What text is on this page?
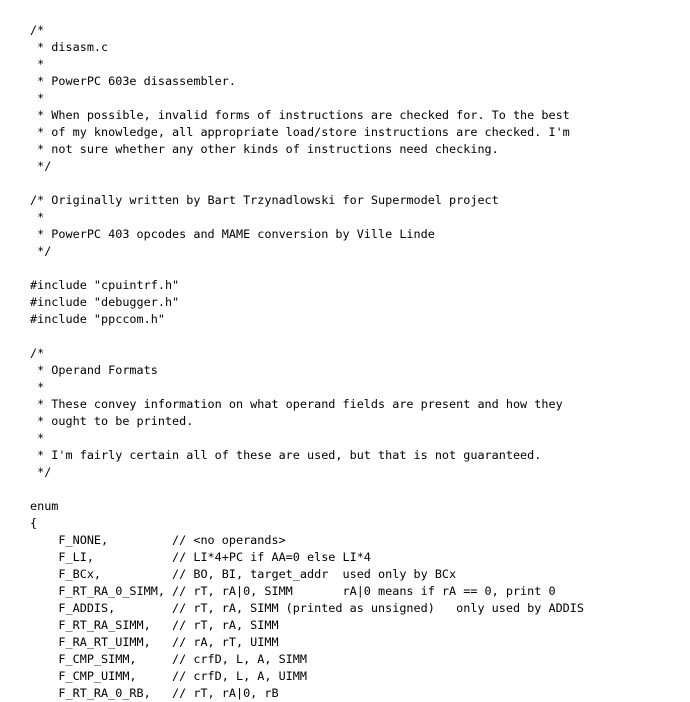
/*
* disasm.c
*
* PowerPC 603e disassembler.
*
* When possible, invalid forms of instructions are checked for. To the best
* of my knowledge, all appropriate load/store instructions are checked. I'm
* not sure whether any other kinds of instructions need checking.
*/
/* Originally written by Bart Trzynadlowski for Supermodel project
*
* PowerPC 403 opcodes and MAME conversion by Ville Linde
*/
#include "cpuintrf.h"
#include "debugger.h"
#include "ppccom.h"
/*
* Operand Formats
*
* These convey information on what operand fields are present and how they
* ought to be printed.
*
* I'm fairly certain all of these are used, but that is not guaranteed.
*/
enum
{
F_NONE,         // <no operands>
F_LI,           // LI*4+PC if AA=0 else LI*4
F_BCx,          // BO, BI, target_addr  used only by BCx
F_RT_RA_0_SIMM, // rT, rA|0, SIMM       rA|0 means if rA == 0, print 0
F_ADDIS,        // rT, rA, SIMM (printed as unsigned)   only used by ADDIS
F_RT_RA_SIMM,   // rT, rA, SIMM
F_RA_RT_UIMM,   // rA, rT, UIMM
F_CMP_SIMM,     // crfD, L, A, SIMM
F_CMP_UIMM,     // crfD, L, A, UIMM
F_RT_RA_0_RB,   // rT, rA|0, rB
